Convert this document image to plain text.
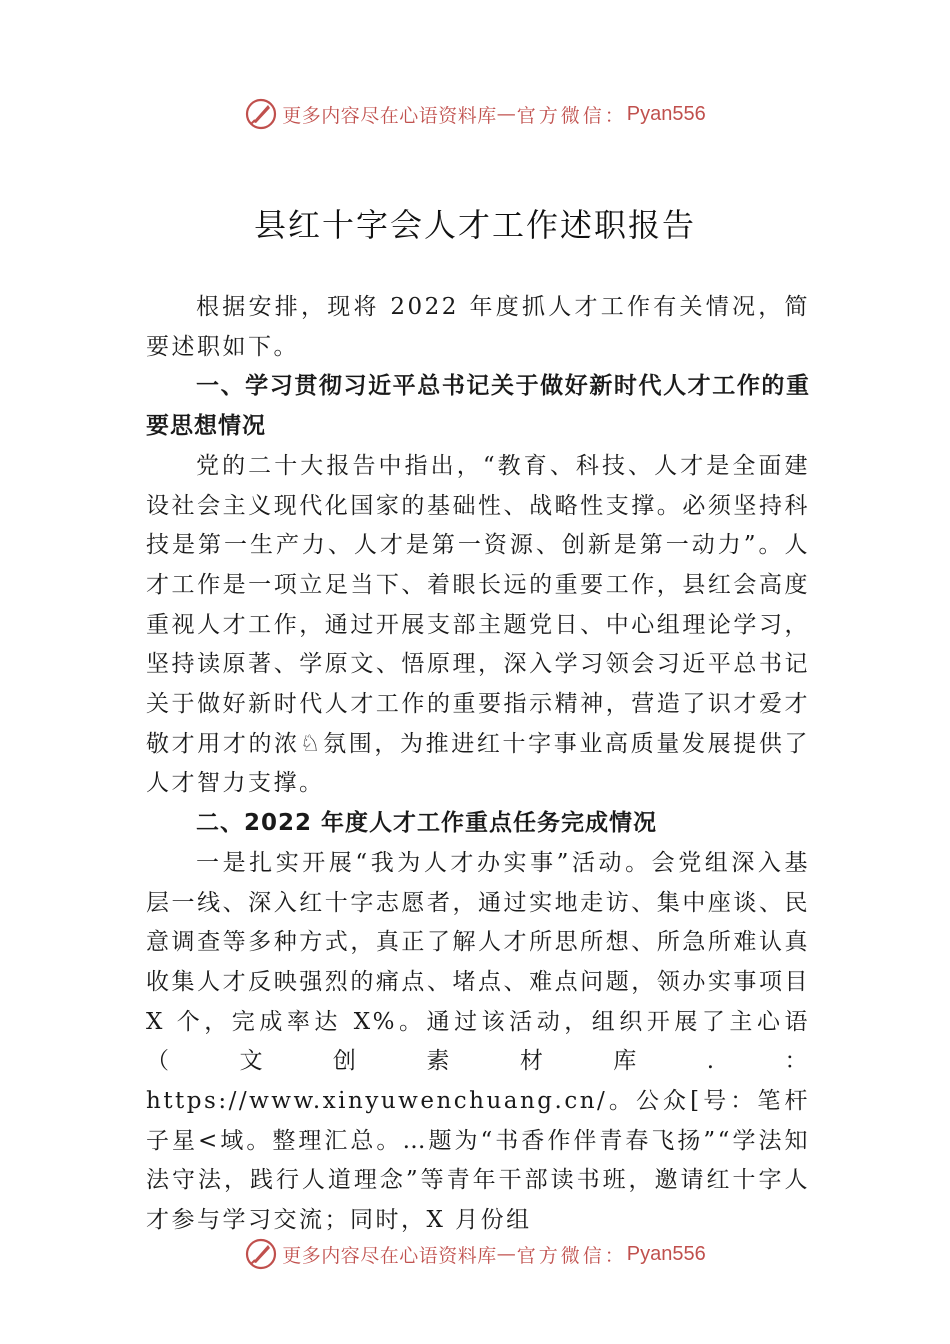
更多内容尽在心语资料库 — 官方微信： Pyan556
县红十字会人才工作述职报告

根据安排，现将 2022 年度抓人才工作有关情况，简要述职如下。

一、学习贯彻习近平总书记关于做好新时代人才工作的重要思想情况

党的二十大报告中指出，“教育、科技、人才是全面建设社会主义现代化国家的基础性、战略性支撑。必须坚持科技是第一生产力、人才是第一资源、创新是第一动力”。人才工作是一项立足当下、着眼长远的重要工作，县红会高度重视人才工作，通过开展支部主题党日、中心组理论学习，坚持读原著、学原文、悟原理，深入学习领会习近平总书记关于做好新时代人才工作的重要指示精神，营造了识才爱才敬才用才的浓♘氛围，为推进红十字事业高质量发展提供了人才智力支撑。

二、2022 年度人才工作重点任务完成情况

一是扎实开展“我为人才办实事”活动。会党组深入基 层一线、深入红十字志愿者，通过实地走访、集中座谈、民意调查等多种方式，真正了解人才所思所想、所急所难认真收集人才反映强烈的痛点、堵点、难点问题，领办实事项目X 个，完成率达 X%。通过该活动，组织开展了主心语（文创素材库.：https://www.xinyuwenchuang.cn/。公众[号：笔杆子星<域。整理汇总。…题为“书香作伴青春飞扬”“学法知法守法，践行人道理念”等青年干部读书班，邀请红十字人才参与学习交流；同时，X 月份组

更多内容尽在心语资料库 — 官方微信： Pyan556
